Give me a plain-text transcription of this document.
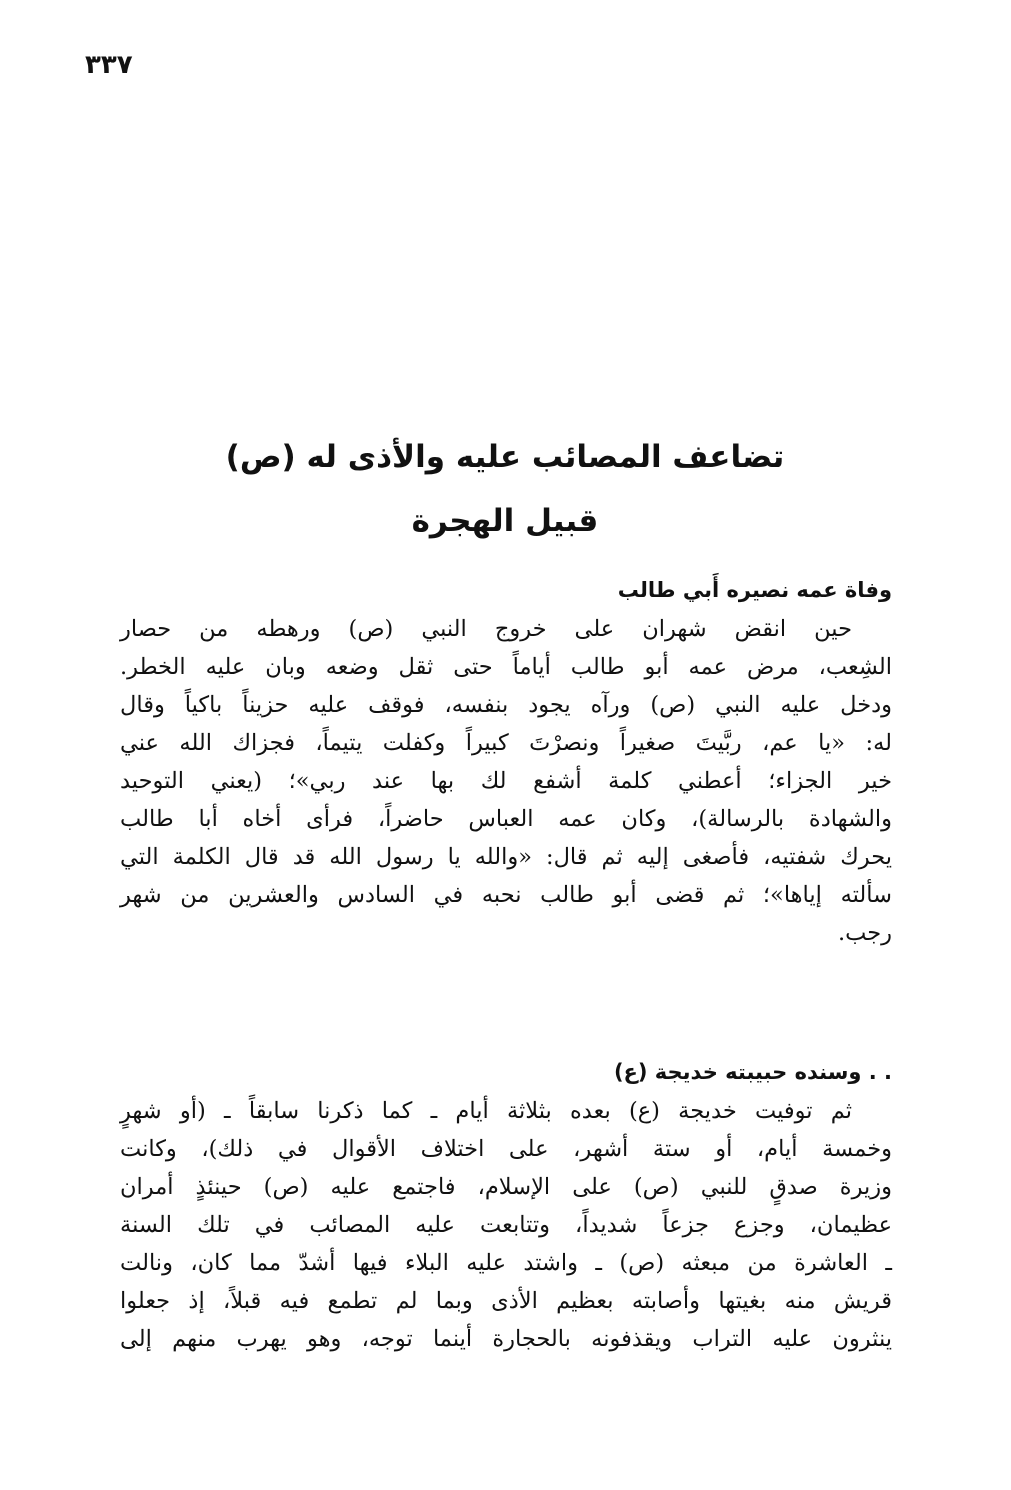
٣٣٧
تضاعف المصائب عليه والأذى له (ص)
قبيل الهجرة
وفاة عمه نصيره أَبي طالب

حين انقض شهران على خروج النبي (ص) ورهطه من حصار
الشِعب، مرض عمه أبو طالب أياماً حتى ثقل وضعه وبان عليه الخطر.
ودخل عليه النبي (ص) ورآه يجود بنفسه، فوقف عليه حزيناً باكياً وقال
له: «يا عم، ربَّيتَ صغيراً ونصرْتَ كبيراً وكفلت يتيماً، فجزاك الله عني
خير الجزاء؛ أعطني كلمة أشفع لك بها عند ربي»؛ (يعني التوحيد
والشهادة بالرسالة)، وكان عمه العباس حاضراً، فرأى أخاه أبا طالب
يحرك شفتيه، فأصغى إليه ثم قال: «والله يا رسول الله قد قال الكلمة التي
سألته إياها»؛ ثم قضى أبو طالب نحبه في السادس والعشرين من شهر
رجب.

. . وسنده حبيبته خديجة (ع)

ثم توفيت خديجة (ع) بعده بثلاثة أيام ـ كما ذكرنا سابقاً ـ (أو شهرٍ
وخمسة أيام، أو ستة أشهر، على اختلاف الأقوال في ذلك)، وكانت
وزيرة صدقٍ للنبي (ص) على الإسلام، فاجتمع عليه (ص) حينئذٍ أمران
عظيمان، وجزع جزعاً شديداً، وتتابعت عليه المصائب في تلك السنة
ـ العاشرة من مبعثه (ص) ـ واشتد عليه البلاء فيها أشدّ مما كان، ونالت
قريش منه بغيتها وأصابته بعظيم الأذى وبما لم تطمع فيه قبلاً، إذ جعلوا
ينثرون عليه التراب ويقذفونه بالحجارة أينما توجه، وهو يهرب منهم إلى
